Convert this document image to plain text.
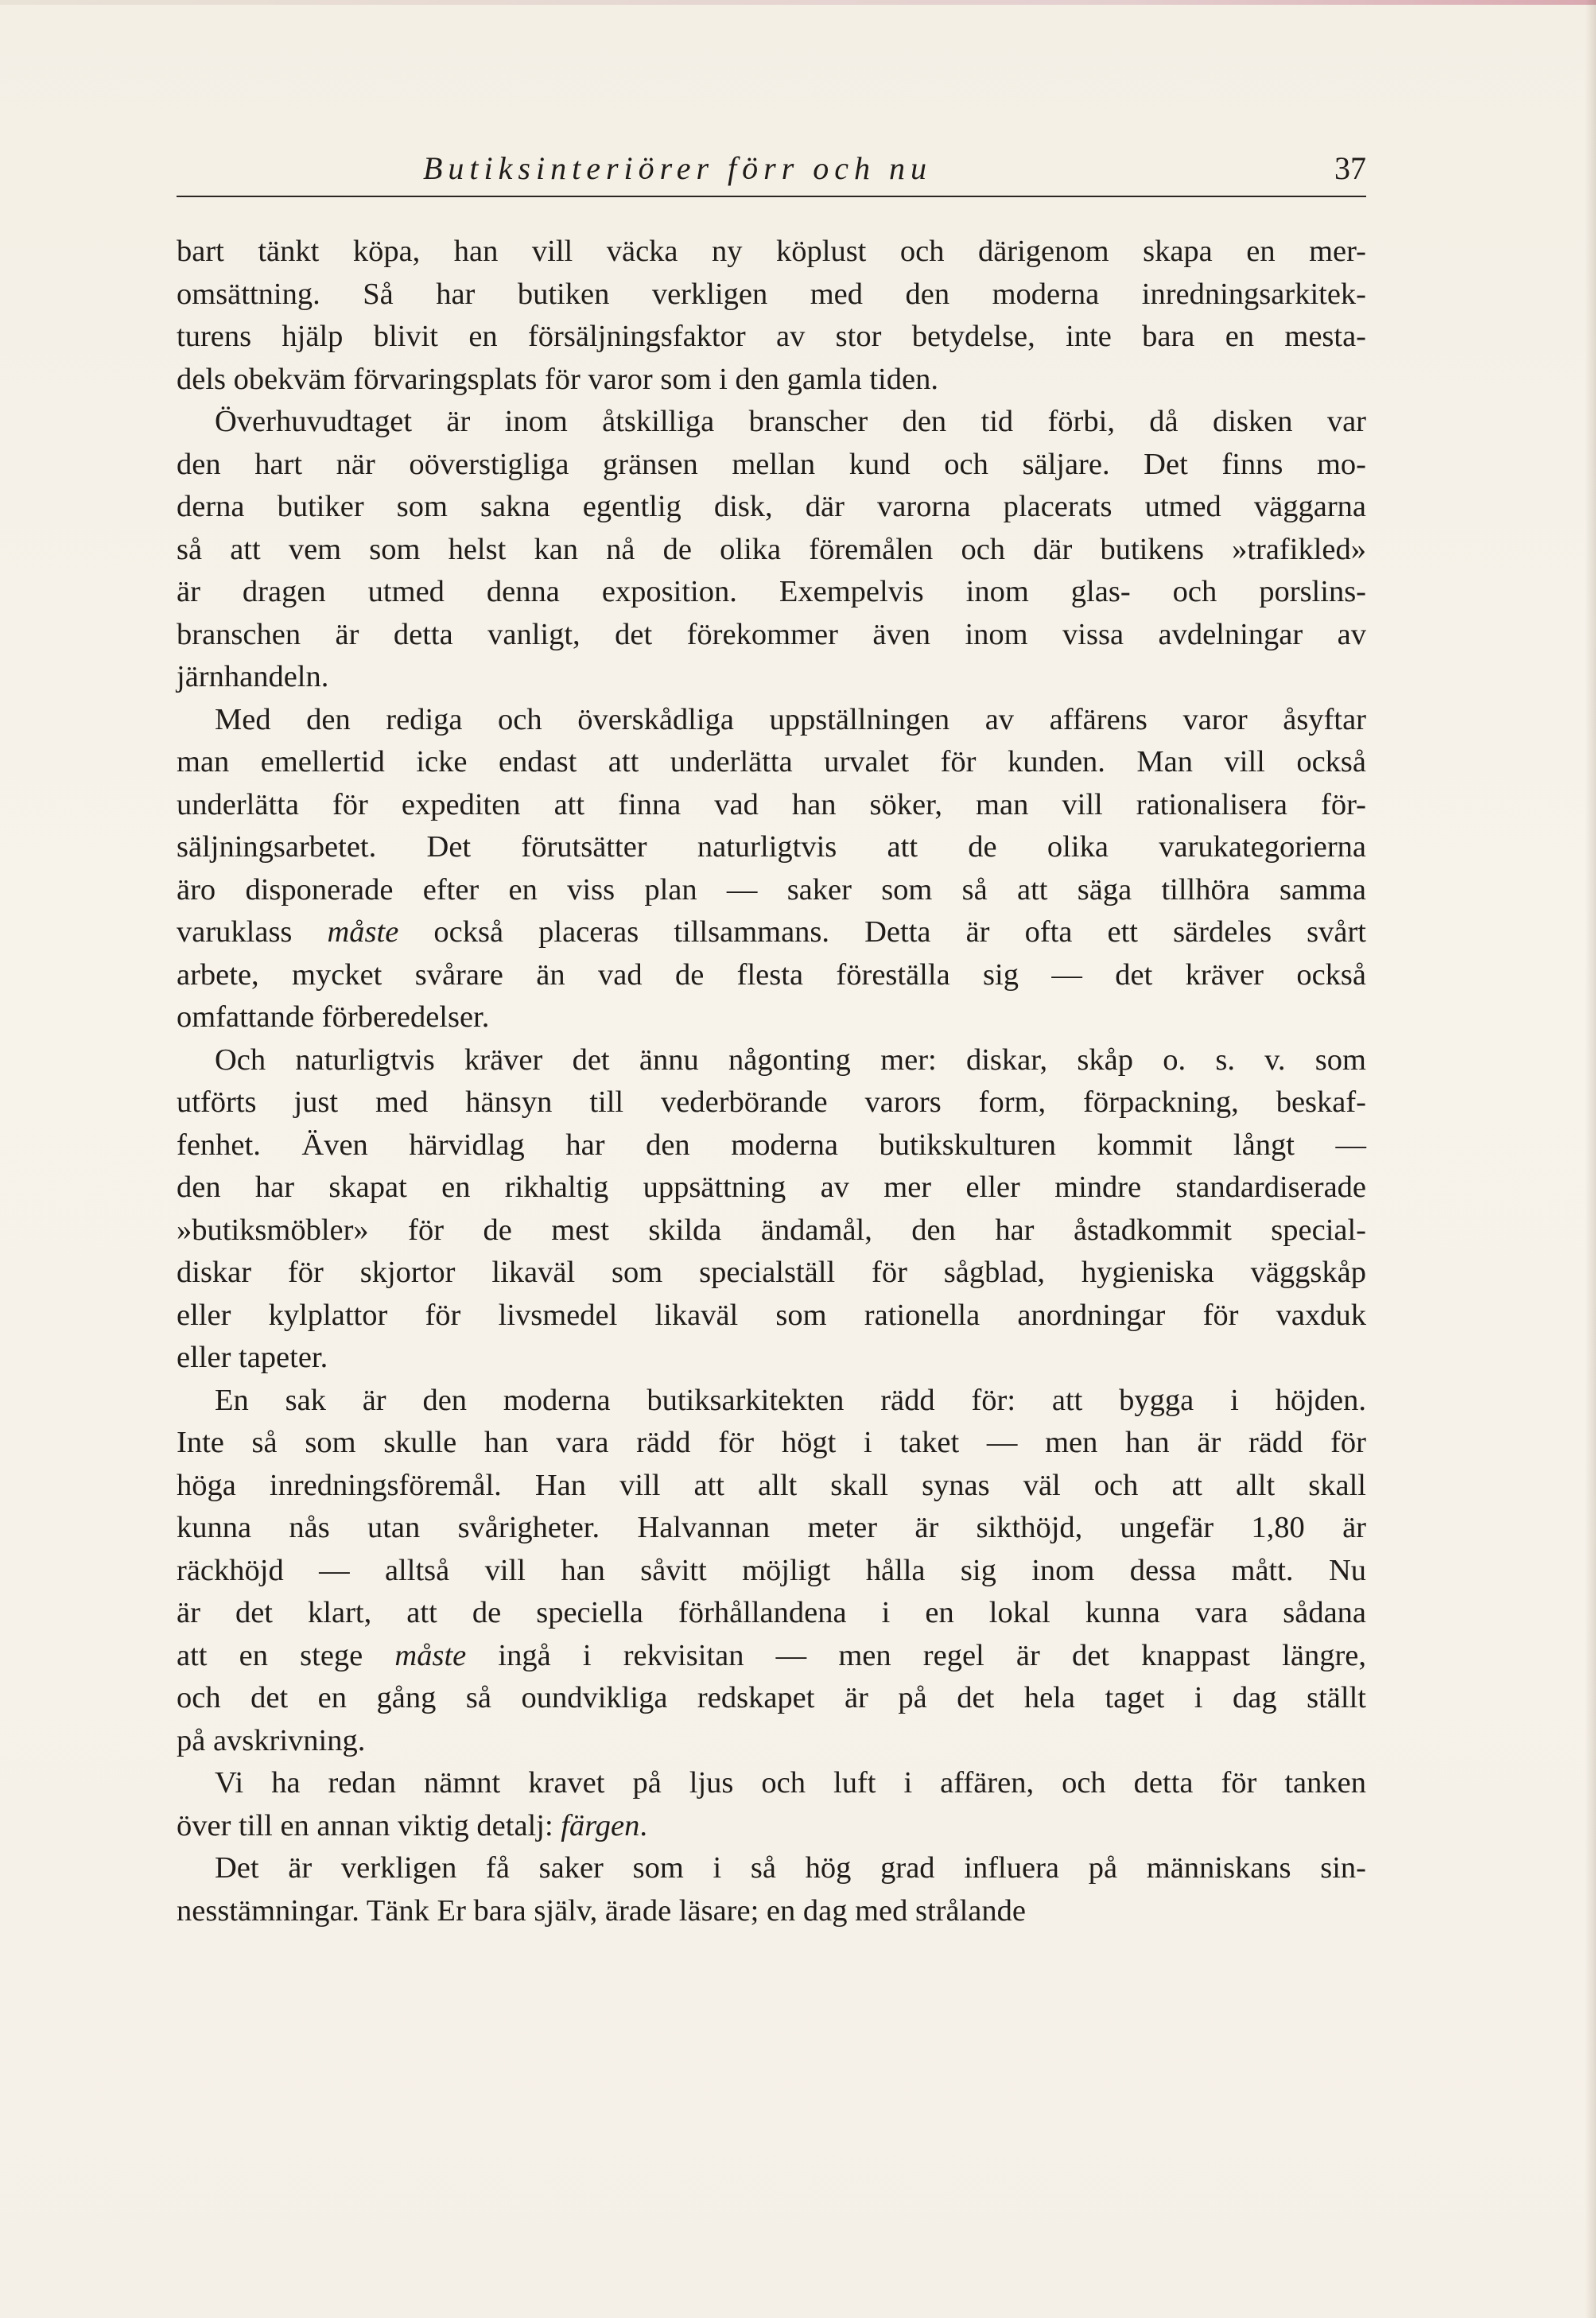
Butiksinteriörer förr och nu	37

bart tänkt köpa, han vill väcka ny köplust och därigenom skapa en mer-
omsättning. Så har butiken verkligen med den moderna inredningsarkitek-
turens hjälp blivit en försäljningsfaktor av stor betydelse, inte bara en mesta-
dels obekväm förvaringsplats för varor som i den gamla tiden.

Överhuvudtaget är inom åtskilliga branscher den tid förbi, då disken var
den hart när oöverstigliga gränsen mellan kund och säljare. Det finns mo-
derna butiker som sakna egentlig disk, där varorna placerats utmed väggarna
så att vem som helst kan nå de olika föremålen och där butikens »trafikled»
är dragen utmed denna exposition. Exempelvis inom glas- och porslins-
branschen är detta vanligt, det förekommer även inom vissa avdelningar av
järnhandeln.

Med den rediga och överskådliga uppställningen av affärens varor åsyftar
man emellertid icke endast att underlätta urvalet för kunden. Man vill också
underlätta för expediten att finna vad han söker, man vill rationalisera för-
säljningsarbetet. Det förutsätter naturligtvis att de olika varukategorierna
äro disponerade efter en viss plan — saker som så att säga tillhöra samma
varuklass måste också placeras tillsammans. Detta är ofta ett särdeles svårt
arbete, mycket svårare än vad de flesta föreställa sig — det kräver också
omfattande förberedelser.

Och naturligtvis kräver det ännu någonting mer: diskar, skåp o. s. v. som
utförts just med hänsyn till vederbörande varors form, förpackning, beskaf-
fenhet. Även härvidlag har den moderna butikskulturen kommit långt —
den har skapat en rikhaltig uppsättning av mer eller mindre standardiserade
»butiksmöbler» för de mest skilda ändamål, den har åstadkommit special-
diskar för skjortor likaväl som specialställ för sågblad, hygieniska väggskåp
eller kylplattor för livsmedel likaväl som rationella anordningar för vaxduk
eller tapeter.

En sak är den moderna butiksarkitekten rädd för: att bygga i höjden.
Inte så som skulle han vara rädd för högt i taket — men han är rädd för
höga inredningsföremål. Han vill att allt skall synas väl och att allt skall
kunna nås utan svårigheter. Halvannan meter är sikthöjd, ungefär 1,80 är
räckhöjd — alltså vill han såvitt möjligt hålla sig inom dessa mått. Nu
är det klart, att de speciella förhållandena i en lokal kunna vara sådana
att en stege måste ingå i rekvisitan — men regel är det knappast längre,
och det en gång så oundvikliga redskapet är på det hela taget i dag ställt
på avskrivning.

Vi ha redan nämnt kravet på ljus och luft i affären, och detta för tanken
över till en annan viktig detalj: färgen.

Det är verkligen få saker som i så hög grad influera på människans sin-
nesstämningar. Tänk Er bara själv, ärade läsare; en dag med strålande
